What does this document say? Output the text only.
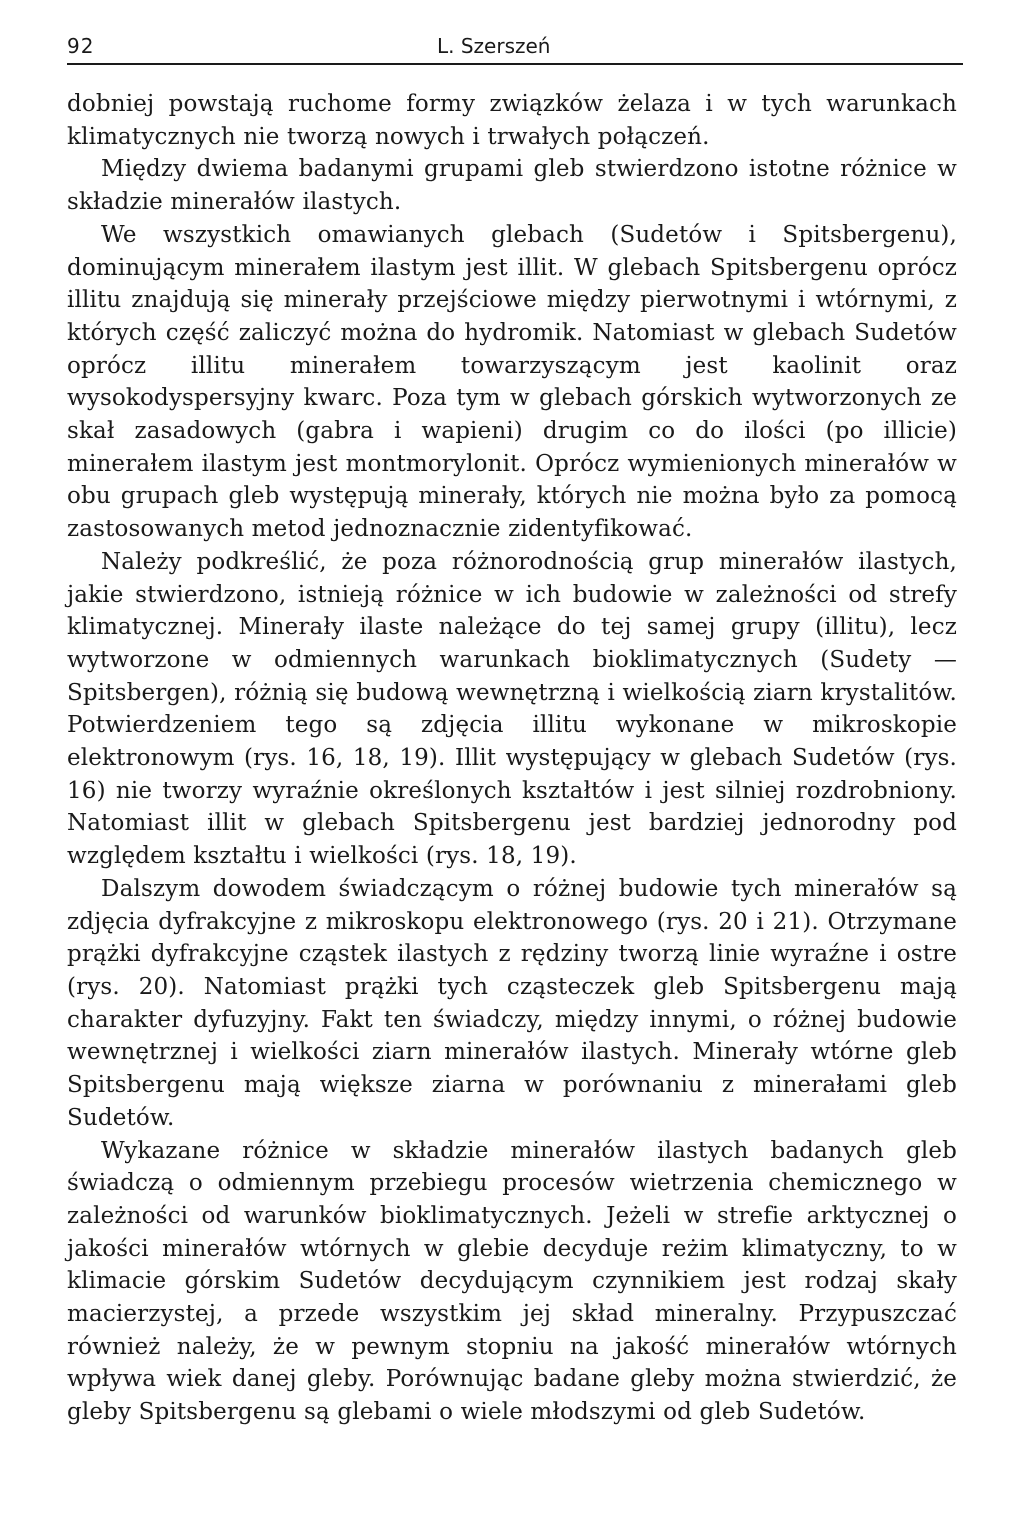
92	L. Szerszeń

dobniej powstają ruchome formy związków żelaza i w tych warunkach klimatycznych nie tworzą nowych i trwałych połączeń.

Między dwiema badanymi grupami gleb stwierdzono istotne różnice w składzie minerałów ilastych.

We wszystkich omawianych glebach (Sudetów i Spitsbergenu), dominującym minerałem ilastym jest illit. W glebach Spitsbergenu oprócz illitu znajdują się minerały przejściowe między pierwotnymi i wtórnymi, z których część zaliczyć można do hydromik. Natomiast w glebach Sudetów oprócz illitu minerałem towarzyszącym jest kaolinit oraz wysokodyspersyjny kwarc. Poza tym w glebach górskich wytworzonych ze skał zasadowych (gabra i wapieni) drugim co do ilości (po illicie) minerałem ilastym jest montmorylonit. Oprócz wymienionych minerałów w obu grupach gleb występują minerały, których nie można było za pomocą zastosowanych metod jednoznacznie zidentyfikować.

Należy podkreślić, że poza różnorodnością grup minerałów ilastych, jakie stwierdzono, istnieją różnice w ich budowie w zależności od strefy klimatycznej. Minerały ilaste należące do tej samej grupy (illitu), lecz wytworzone w odmiennych warunkach bioklimatycznych (Sudety — Spitsbergen), różnią się budową wewnętrzną i wielkością ziarn krystalitów. Potwierdzeniem tego są zdjęcia illitu wykonane w mikroskopie elektronowym (rys. 16, 18, 19). Illit występujący w glebach Sudetów (rys. 16) nie tworzy wyraźnie określonych kształtów i jest silniej rozdrobniony. Natomiast illit w glebach Spitsbergenu jest bardziej jednorodny pod względem kształtu i wielkości (rys. 18, 19).

Dalszym dowodem świadczącym o różnej budowie tych minerałów są zdjęcia dyfrakcyjne z mikroskopu elektronowego (rys. 20 i 21). Otrzymane prążki dyfrakcyjne cząstek ilastych z rędziny tworzą linie wyraźne i ostre (rys. 20). Natomiast prążki tych cząsteczek gleb Spitsbergenu mają charakter dyfuzyjny. Fakt ten świadczy, między innymi, o różnej budowie wewnętrznej i wielkości ziarn minerałów ilastych. Minerały wtórne gleb Spitsbergenu mają większe ziarna w porównaniu z minerałami gleb Sudetów.

Wykazane różnice w składzie minerałów ilastych badanych gleb świadczą o odmiennym przebiegu procesów wietrzenia chemicznego w zależności od warunków bioklimatycznych. Jeżeli w strefie arktycznej o jakości minerałów wtórnych w glebie decyduje reżim klimatyczny, to w klimacie górskim Sudetów decydującym czynnikiem jest rodzaj skały macierzystej, a przede wszystkim jej skład mineralny. Przypuszczać również należy, że w pewnym stopniu na jakość minerałów wtórnych wpływa wiek danej gleby. Porównując badane gleby można stwierdzić, że gleby Spitsbergenu są glebami o wiele młodszymi od gleb Sudetów.
